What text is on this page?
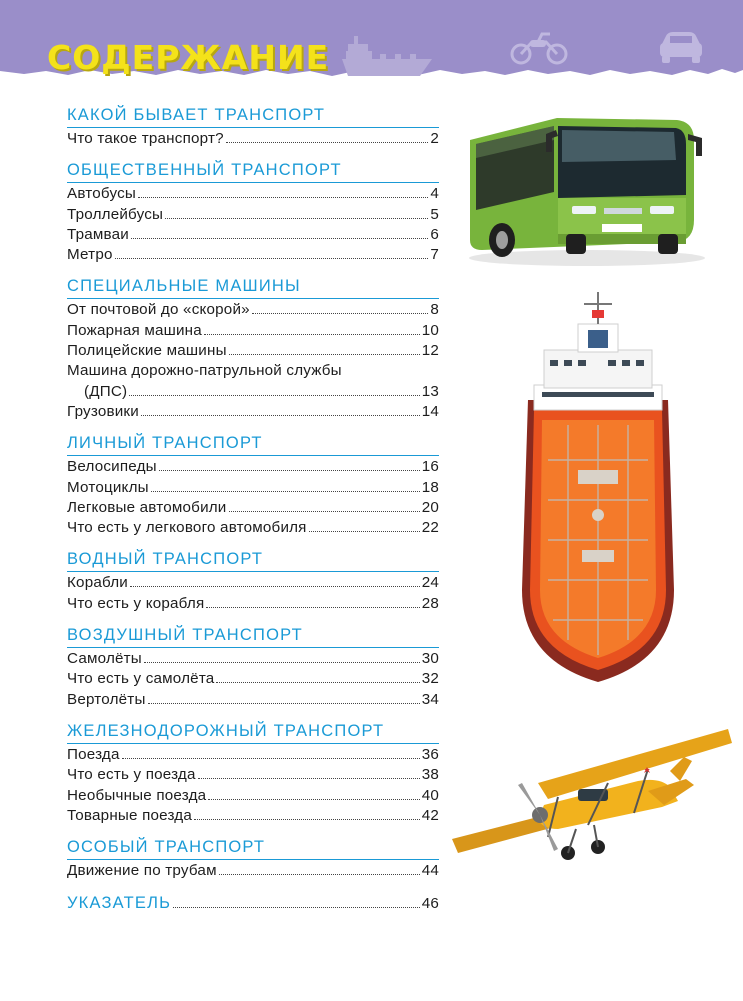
СОДЕРЖАНИЕ
КАКОЙ БЫВАЕТ ТРАНСПОРТ
Что такое транспорт?	2
ОБЩЕСТВЕННЫЙ ТРАНСПОРТ
Автобусы	4
Троллейбусы	5
Трамваи	6
Метро	7
СПЕЦИАЛЬНЫЕ МАШИНЫ
От почтовой до «скорой»	8
Пожарная машина	10
Полицейские машины	12
Машина дорожно-патрульной службы
(ДПС)	13
Грузовики	14
ЛИЧНЫЙ ТРАНСПОРТ
Велосипеды	16
Мотоциклы	18
Легковые автомобили	20
Что есть у легкового автомобиля	22
ВОДНЫЙ ТРАНСПОРТ
Корабли	24
Что есть у корабля	28
ВОЗДУШНЫЙ ТРАНСПОРТ
Самолёты	30
Что есть у самолёта	32
Вертолёты	34
ЖЕЛЕЗНОДОРОЖНЫЙ ТРАНСПОРТ
Поезда	36
Что есть у поезда	38
Необычные поезда	40
Товарные поезда	42
ОСОБЫЙ ТРАНСПОРТ
Движение по трубам	44
УКАЗАТЕЛЬ	46
